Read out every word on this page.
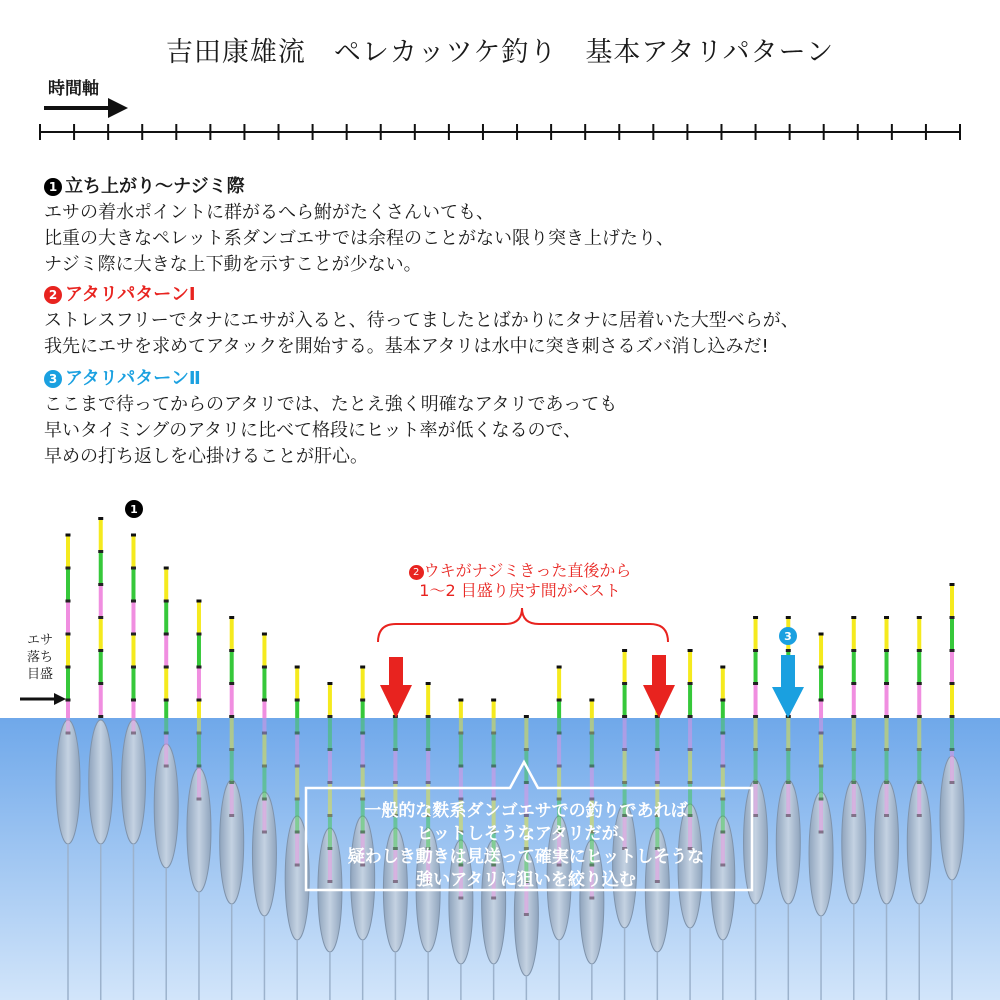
吉田康雄流　ペレカッツケ釣り　基本アタリパターン
時間軸
1 立ち上がり〜ナジミ際

エサの着水ポイントに群がるへら鮒がたくさんいても、

比重の大きなペレット系ダンゴエサでは余程のことがない限り突き上げたり、

ナジミ際に大きな上下動を示すことが少ない。

2 アタリパターンⅠ

ストレスフリーでタナにエサが入ると、待ってましたとばかりにタナに居着いた大型べらが、

我先にエサを求めてアタックを開始する。基本アタリは水中に突き刺さるズバ消し込みだ!

3 アタリパターンⅡ

ここまで待ってからのアタリでは、たとえ強く明確なアタリであっても

早いタイミングのアタリに比べて格段にヒット率が低くなるので、

早めの打ち返しを心掛けることが肝心。

3
1

2 ウキがナジミきった直後から

1〜2 目盛り戻す間がベスト

エサ

落ち

目盛

一般的な麩系ダンゴエサでの釣りであれば

ヒットしそうなアタリだが、

疑わしき動きは見送って確実にヒットしそうな

強いアタリに狙いを絞り込む
